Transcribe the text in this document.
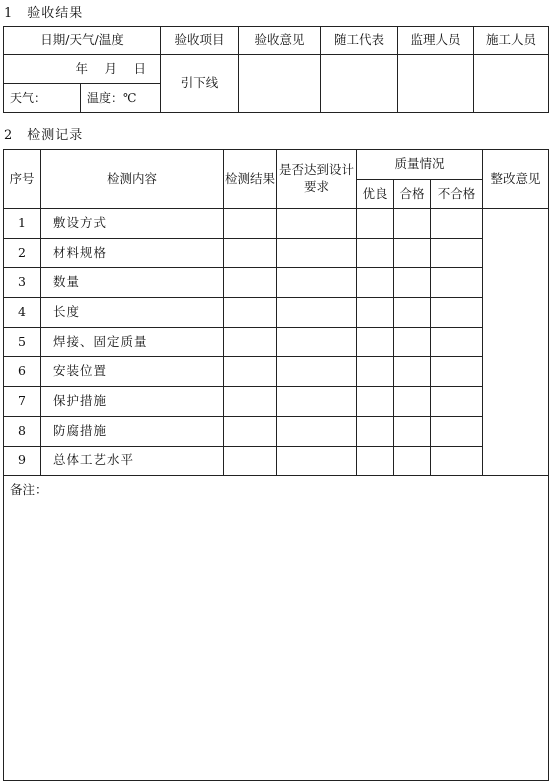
1　验收结果
日期/天气/温度		验收项目	验收意见	随工代表	监理人员	施工人员
年　月　日		引下线				
天气：	温度：℃					
2　检测记录
序号	检测内容	检测结果	是否达到设计要求	质量情况			整改意见
				优良	合格	不合格	
1	敷设方式						
2	材料规格						
3	数量						
4	长度						
5	焊接、固定质量						
6	安装位置						
7	保护措施						
8	防腐措施						
9	总体工艺水平						
备注：							
